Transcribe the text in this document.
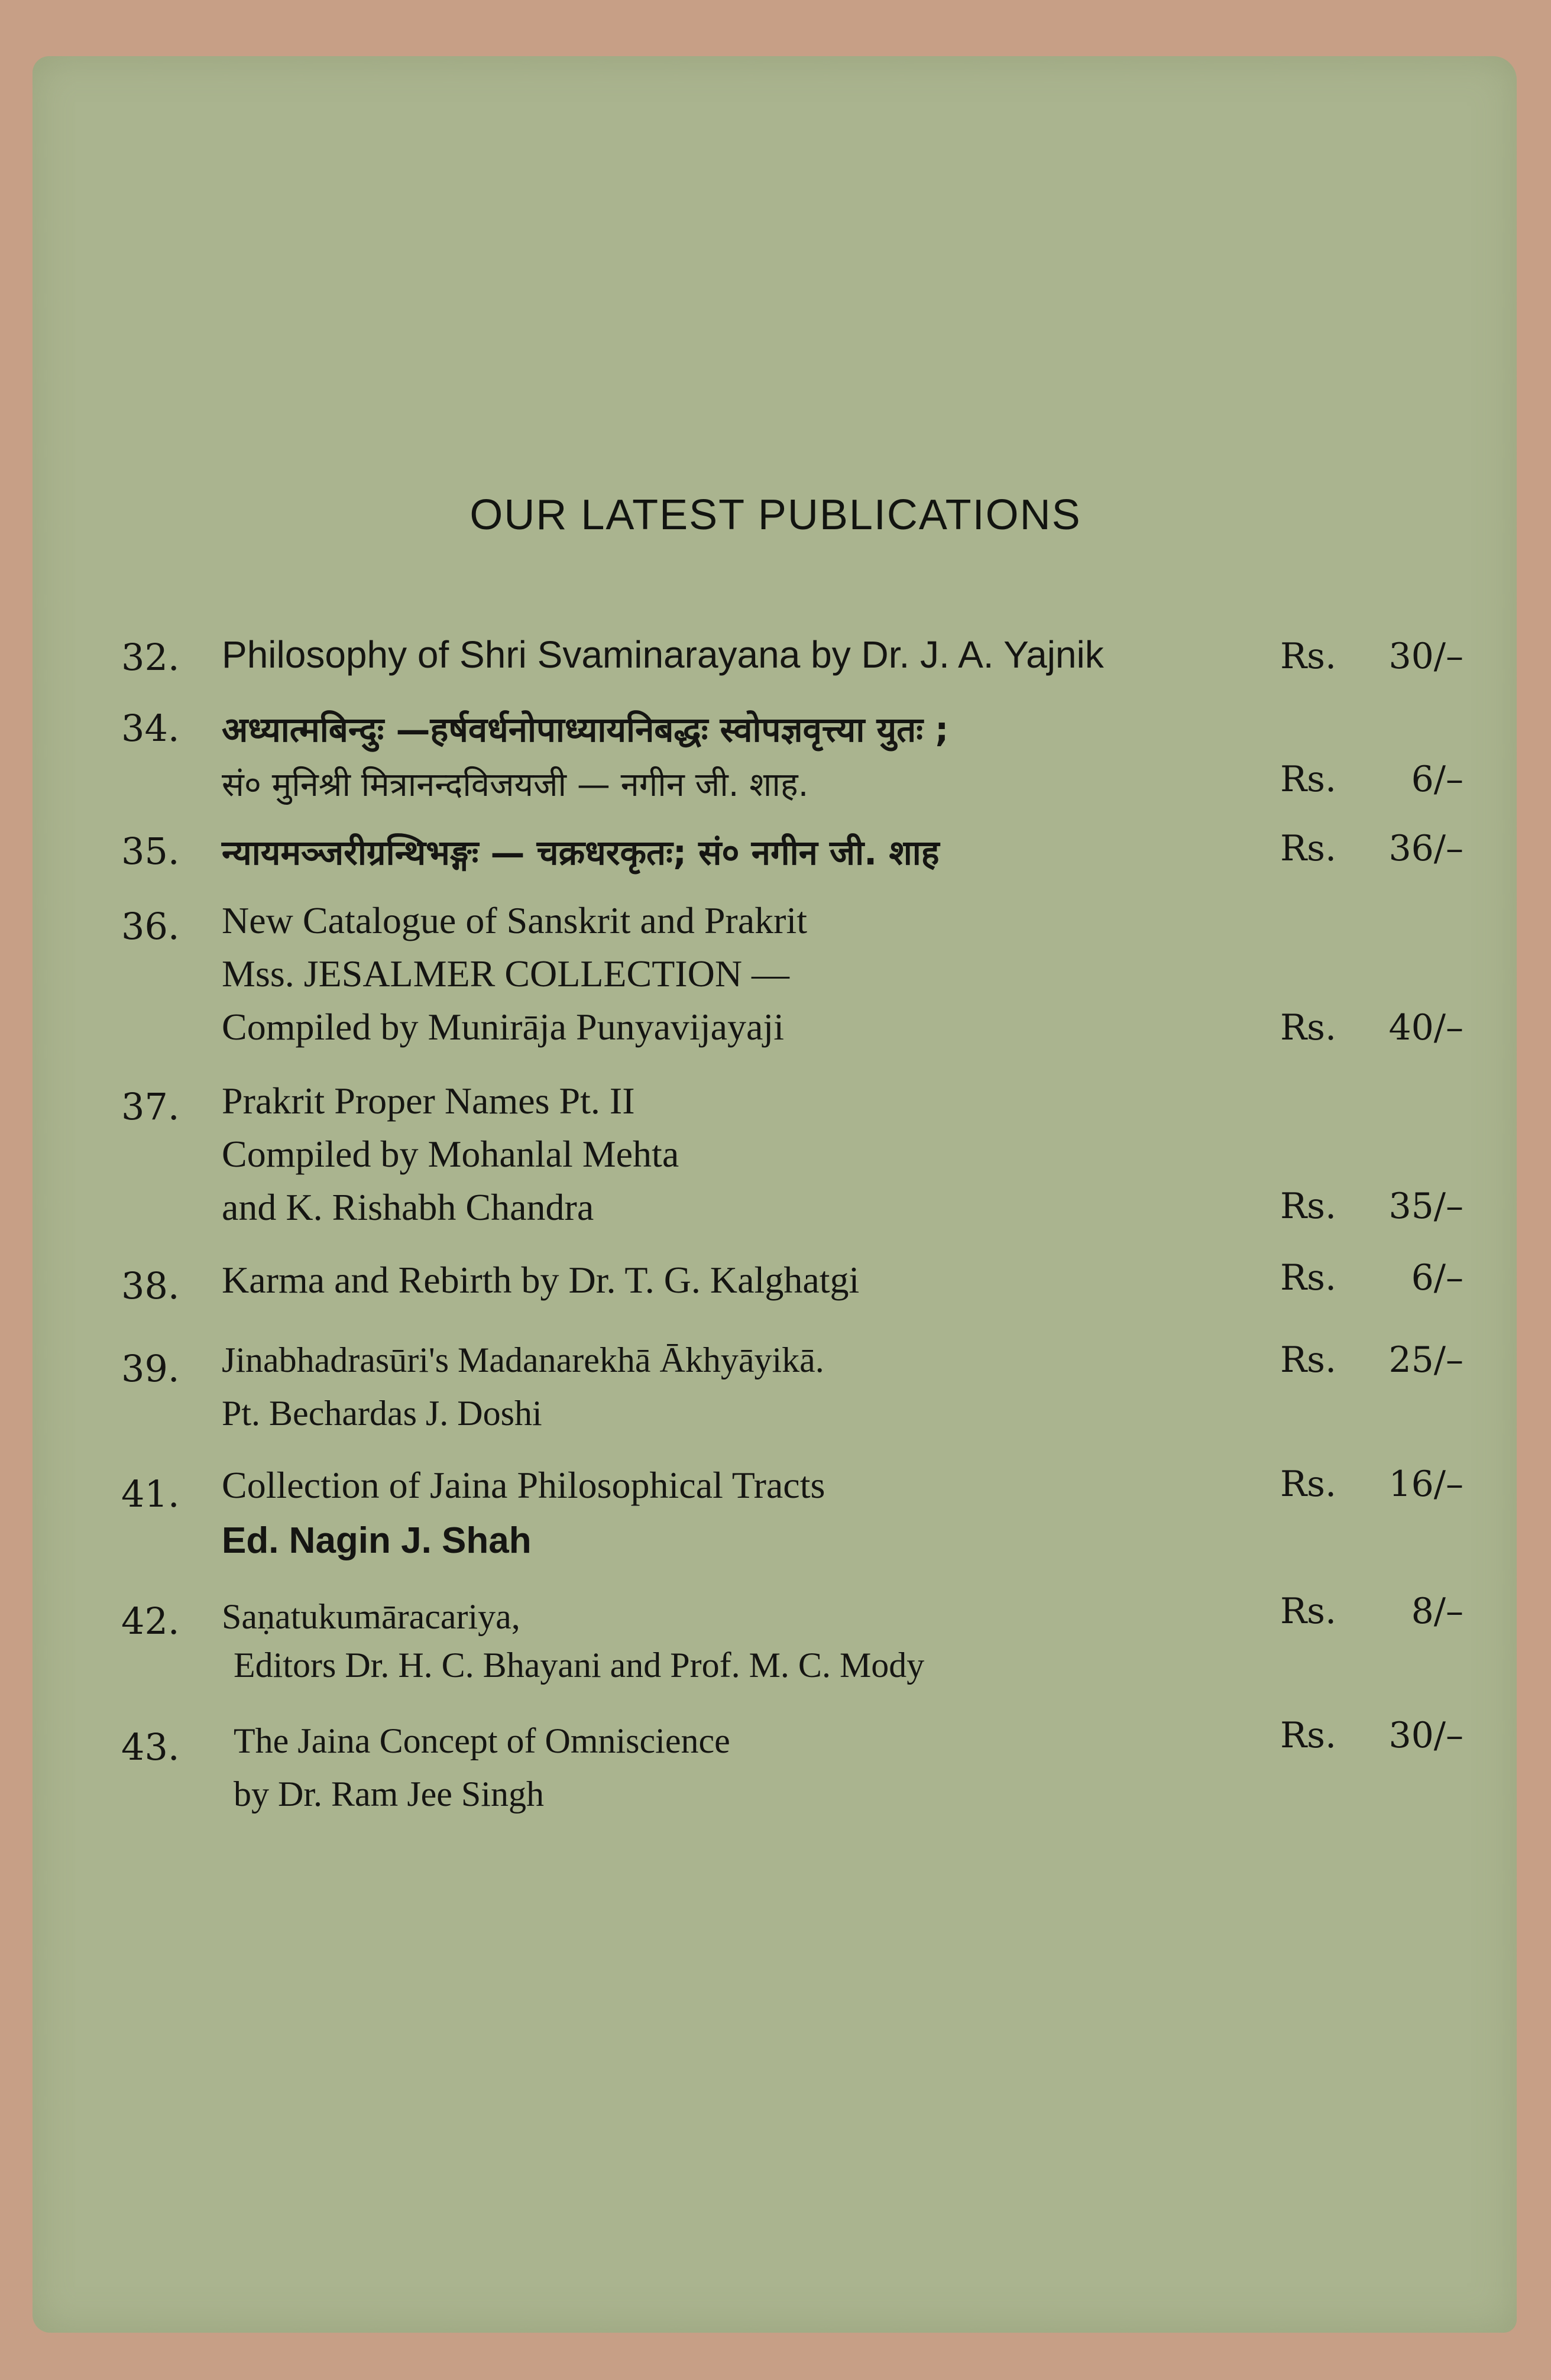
OUR LATEST PUBLICATIONS
32. Philosophy of Shri Svaminarayana by Dr. J. A. Yajnik	Rs. 30/–
34. अध्यात्मबिन्दुः —हर्षवर्धनोपाध्यायनिबद्धः स्वोपज्ञवृत्त्या युतः ;
सं० मुनिश्री मित्रानन्दविजयजी — नगीन जी. शाह.	Rs. 6/–
35. न्यायमञ्जरीग्रन्थिभङ्गः — चक्रधरकृतः; सं० नगीन जी. शाह	Rs. 36/–
36. New Catalogue of Sanskrit and Prakrit
Mss. JESALMER COLLECTION —
Compiled by Munirāja Punyavijayaji	Rs. 40/–
37. Prakrit Proper Names Pt. II
Compiled by Mohanlal Mehta
and K. Rishabh Chandra	Rs. 35/–
38. Karma and Rebirth by Dr. T. G. Kalghatgi	Rs. 6/–
39. Jinabhadrasūri's Madanarekhā Ākhyāyikā.
Pt. Bechardas J. Doshi
Rs. 25/–
41. Collection of Jaina Philosophical Tracts
Ed. Nagin J. Shah
Rs. 16/–
42. Saṇatukumāracariya,
Editors Dr. H. C. Bhayani and Prof. M. C. Mody
Rs. 8/–
43. The Jaina Concept of Omniscience
by Dr. Ram Jee Singh
Rs. 30/–
